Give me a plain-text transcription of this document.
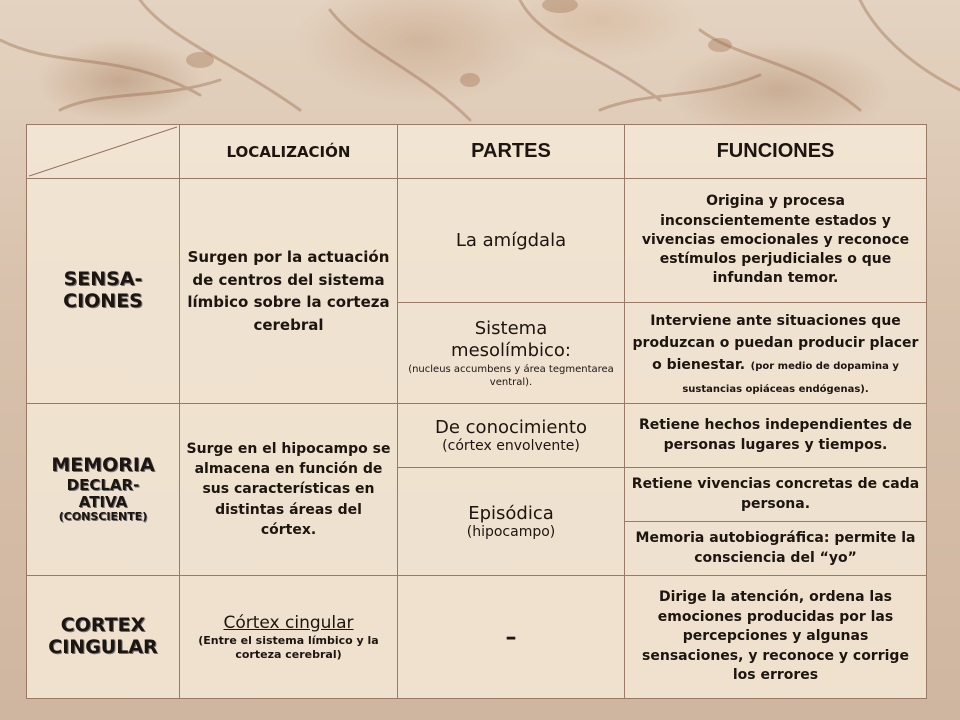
	LOCALIZACIÓN	PARTES	FUNCIONES

SENSA-
CIONES	Surgen por la actuación de centros del sistema límbico sobre la corteza cerebral	La amígdala	Origina y procesa inconscientemente estados y vivencias emocionales y reconoce estímulos perjudiciales o que infundan temor.

		Sistema
mesolímbico:
(nucleus accumbens y área tegmentarea ventral).	Interviene ante situaciones que produzcan o puedan producir placer o bienestar. (por medio de dopamina y sustancias opiáceas endógenas).

MEMORIA
DECLAR-
ATIVA
(CONSCIENTE)	Surge en el hipocampo se almacena en función de sus características en distintas áreas del córtex.	De conocimiento
(córtex envolvente)	Retiene hechos independientes de personas lugares y tiempos.

		Episódica
(hipocampo)	Retiene vivencias concretas de cada persona.
			Memoria autobiográfica: permite la consciencia del “yo”

CORTEX
CINGULAR	Córtex cingular
(Entre el sistema límbico y la corteza cerebral)	–	Dirige la atención, ordena las emociones producidas por las percepciones y algunas sensaciones, y reconoce y corrige los errores
